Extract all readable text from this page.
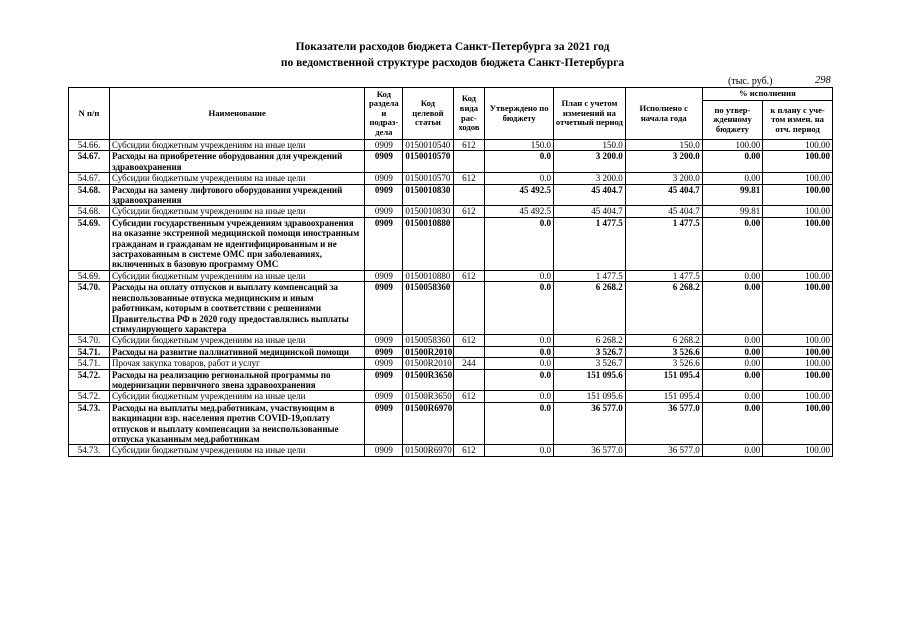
Показатели расходов бюджета Санкт-Петербурга за 2021 год
по ведомственной структуре расходов бюджета Санкт-Петербурга
(тыс. руб.)	298
N п/п	Наименование	Код раздела и подраз-дела	Код целевой статьи	Код вида рас-ходов	Утверждено по бюджету	План с учетом изменений на отчетный период	Исполнено с начала года	% исполнения	
								по утвер-жденному бюджету	к плану с уче-том измен. на отч. период
54.66.	Субсидии бюджетным учреждениям на иные цели	0909	0150010540	612	150.0	150.0	150.0	100.00	100.00
54.67.	Расходы на приобретение оборудования для учреждений здравоохранения	0909	0150010570		0.0	3 200.0	3 200.0	0.00	100.00
54.67.	Субсидии бюджетным учреждениям на иные цели	0909	0150010570	612	0.0	3 200.0	3 200.0	0.00	100.00
54.68.	Расходы на замену лифтового оборудования учреждений здравоохранения	0909	0150010830		45 492.5	45 404.7	45 404.7	99.81	100.00
54.68.	Субсидии бюджетным учреждениям на иные цели	0909	0150010830	612	45 492.5	45 404.7	45 404.7	99.81	100.00
54.69.	Субсидии государственным учреждениям здравоохранения на оказание экстренной медицинской помощи иностранным гражданам и гражданам не идентифицированным и не застрахованным в системе ОМС при заболеваниях, включенных в базовую программу ОМС	0909	0150010880		0.0	1 477.5	1 477.5	0.00	100.00
54.69.	Субсидии бюджетным учреждениям на иные цели	0909	0150010880	612	0.0	1 477.5	1 477.5	0.00	100.00
54.70.	Расходы на оплату отпусков и выплату компенсаций за неиспользованные отпуска медицинским и иным работникам, которым в соответствии с решениями Правительства РФ в 2020 году предоставлялись выплаты стимулирующего характера	0909	0150058360		0.0	6 268.2	6 268.2	0.00	100.00
54.70.	Субсидии бюджетным учреждениям на иные цели	0909	0150058360	612	0.0	6 268.2	6 268.2	0.00	100.00
54.71.	Расходы на развитие паллиативной медицинской помощи	0909	01500R2010		0.0	3 526.7	3 526.6	0.00	100.00
54.71.	Прочая закупка товаров, работ и услуг	0909	01500R2010	244	0.0	3 526.7	3 526.6	0.00	100.00
54.72.	Расходы на реализацию региональной программы по модернизации первичного звена здравоохранения	0909	01500R3650		0.0	151 095.6	151 095.4	0.00	100.00
54.72.	Субсидии бюджетным учреждениям на иные цели	0909	01500R3650	612	0.0	151 095.6	151 095.4	0.00	100.00
54.73.	Расходы на выплаты мед.работникам, участвующим в вакцинации взр. населения против COVID-19,оплату отпусков и выплату компенсации за неиспользованные отпуска указанным мед.работникам	0909	01500R6970		0.0	36 577.0	36 577.0	0.00	100.00
54.73.	Субсидии бюджетным учреждениям на иные цели	0909	01500R6970	612	0.0	36 577.0	36 577.0	0.00	100.00
